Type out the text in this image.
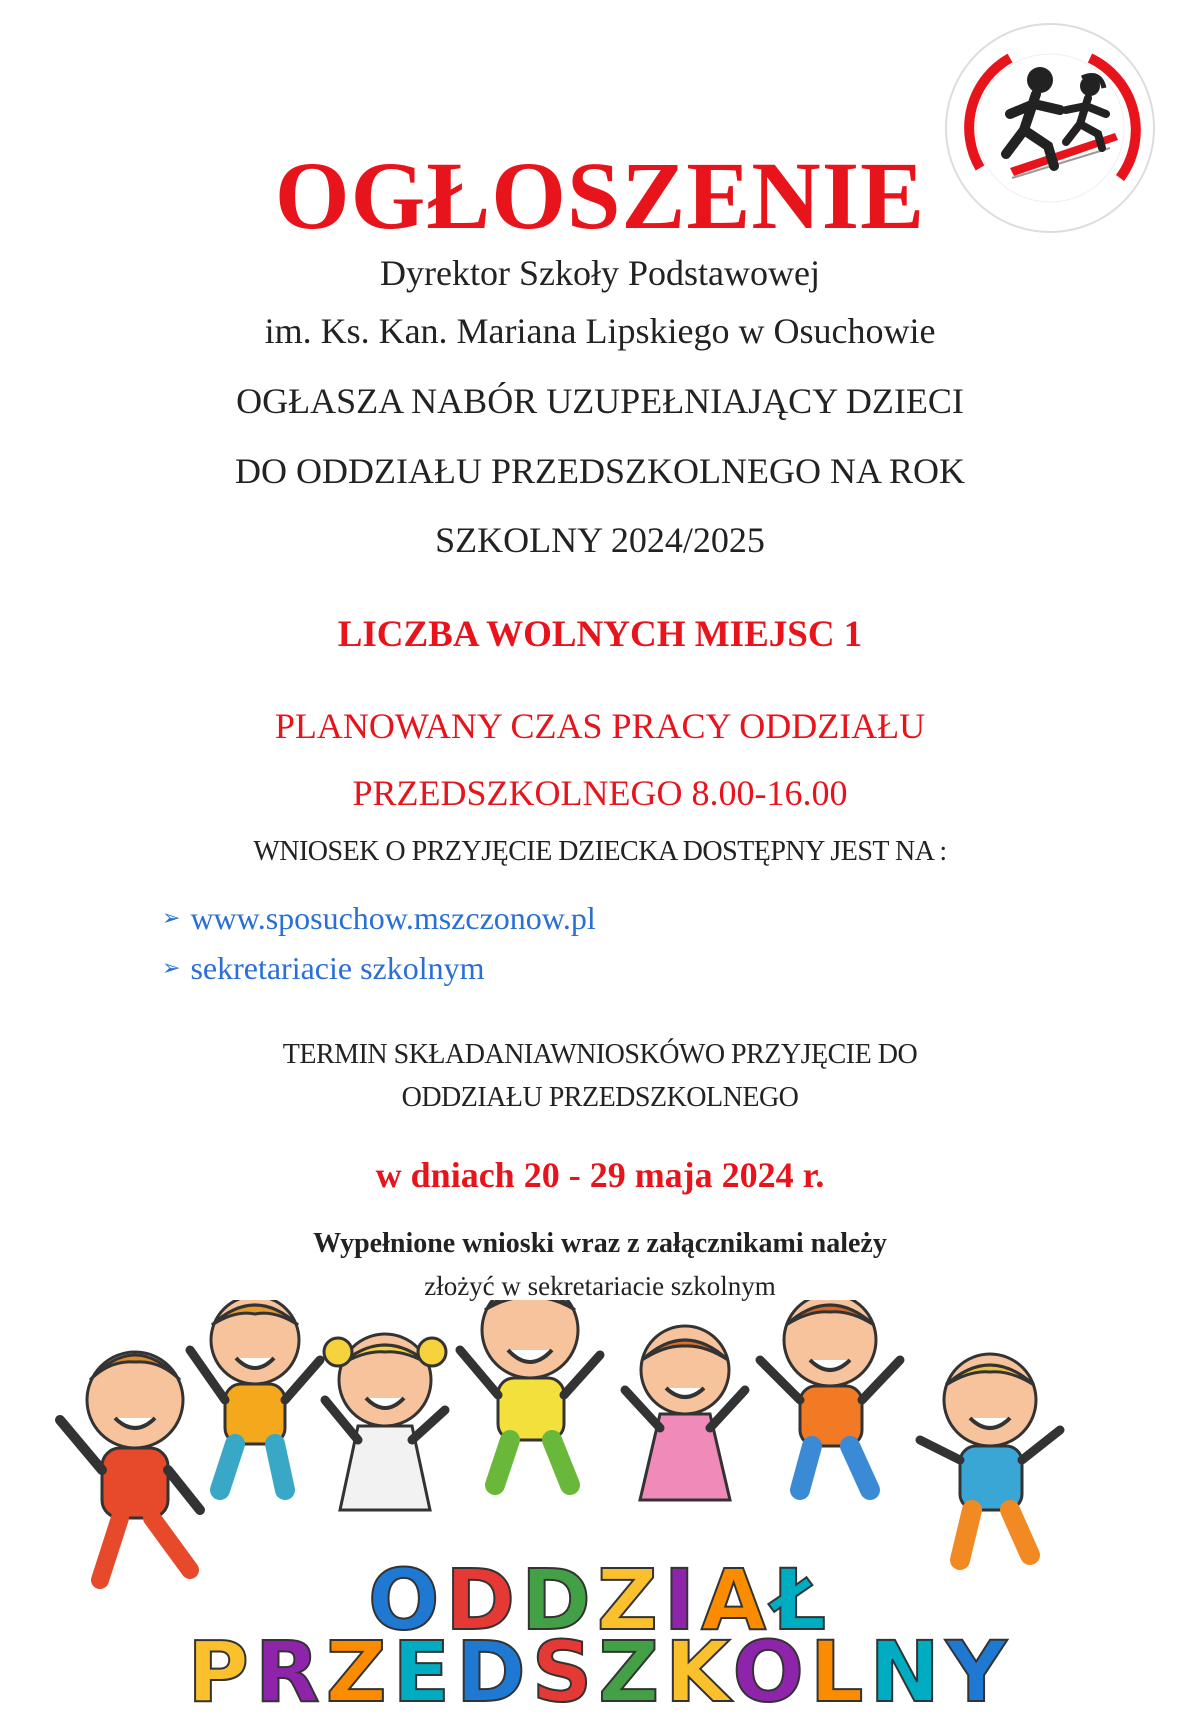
OGŁOSZENIE
Dyrektor Szkoły Podstawowej
im. Ks. Kan. Mariana Lipskiego w Osuchowie
OGŁASZA NABÓR UZUPEŁNIAJĄCY DZIECI
DO ODDZIAŁU PRZEDSZKOLNEGO NA ROK
SZKOLNY 2024/2025
LICZBA WOLNYCH MIEJSC 1
PLANOWANY CZAS PRACY ODDZIAŁU
PRZEDSZKOLNEGO 8.00-16.00
WNIOSEK O PRZYJĘCIE DZIECKA DOSTĘPNY JEST NA :
➢ www.sposuchow.mszczonow.pl
➢ sekretariacie szkolnym
TERMIN SKŁADANIAWNIOSKÓWO PRZYJĘCIE DO
ODDZIAŁU PRZEDSZKOLNEGO
w dniach 20 - 29 maja 2024 r.
Wypełnione wnioski wraz z załącznikami należy
złożyć w sekretariacie szkolnym
ODDZIAŁ
PRZEDSZKOLNY
